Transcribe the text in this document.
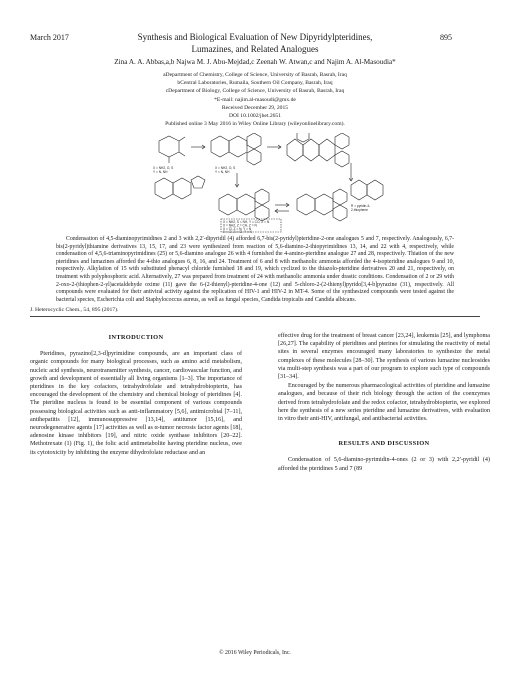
March 2017	Synthesis and Biological Evaluation of New Dipyridylpteridines,
Lumazines, and Related Analogues
895
Zina A. A. Abbas,a,b Najwa M. J. Abu-Mejdad,c Zeenah W. Atwan,c and Najim A. Al-Masoudia*
aDepartment of Chemistry, College of Science, University of Basrah, Basrah, Iraq
bCentral Laboratories, Rumaila, Southern Oil Company, Basrah, Iraq
cDepartment of Biology, College of Science, University of Basrah, Basrah, Iraq
*E-mail: najim.al-masoudi@gmx.de
Received December 29, 2015
DOI 10.1002/jhet.2651
Published online 3 May 2016 in Wiley Online Library (wileyonlinelibrary.com).
X = NH2, O, S
Y = N, NH
X = NH2, O, S
Y = N, NH
X = NH2, S = NH, Y = CO, Z = N
X = NH2, Z = CH, Z = N
X = Cl, Z = N, Y = N
X = Cl, Z = Cl, Y = N
R = pyridin-4-
2-thiophene
Condensation of 4,5-diaminopyrimidines 2 and 3 with 2,2′-dipyridil (4) afforded 6,7-bis(2-pyridyl)pteridine-2-one analogues 5 and 7, respectively. Analogously, 6,7-bis(2-pyridyl)thiamine derivatives 13, 15, 17, and 23 were synthesized from reaction of 5,6-diamino-2-thiopyrimidines 13, 14, and 22 with 4, respectively, while condensation of 4,5,6-triaminopyrimidines (25) or 5,6-diamino analogue 26 with 4 furnished the 4-amino-pteridine analogue 27 and 28, respectively. Thiation of the new pteridines and lumazines afforded the 4-thio analogues 6, 8, 16, and 24. Treatment of 6 and 8 with methanolic ammonia afforded the 4-isopteridine analogues 9 and 10, respectively. Alkylation of 15 with substituted phenacyl chloride furnished 18 and 19, which cyclized to the thiazolo-pteridine derivatives 20 and 21, respectively, on treatment with polyphosphoric acid. Alternatively, 27 was prepared from treatment of 24 with methanolic ammonia under drastic conditions. Condensation of 2 or 29 with 2-oxo-2-(thiophen-2-yl)acetaldehyde oxime (11) gave the 6-(2-thienyl)-pteridine-4-one (12) and 5-chloro-2-(2-thienyl)pyrido[3,4-b]pyrazine (31), respectively. All compounds were evaluated for their antiviral activity against the replication of HIV-1 and HIV-2 in MT-4. Some of the synthesized compounds were tested against the bacterial species, Escherichia coli and Staphylococcus aureus, as well as fungal species, Candida tropicalis and Candida albicans.
J. Heterocyclic Chem., 54, 895 (2017).
INTRODUCTION
Pteridines, pyrazino[2,3-d]pyrimidine compounds, are an important class of organic compounds for many biological processes, such as amino acid metabolism, nucleic acid synthesis, neurotransmitter synthesis, cancer, cardiovascular function, and growth and development of essentially all living organisms [1–3]. The importance of pteridines in the key cofactors, tetrahydrofolate and tetrahydrobiopterin, has encouraged the development of the chemistry and chemical biology of pteridines [4]. The pteridine nucleus is found to be essential component of various compounds possessing biological activities such as anti-inflammatory [5,6], antimicrobial [7–11], antihepatitis [12], immunosuppressive [13,14], antitumor [15,16], and neurodegenerative agents [17] activities as well as α-tumor necrosis factor agents [18], adenosine kinase inhibitors [19], and nitric oxide synthase inhibitors [20–22]. Methotrexate (1) (Fig. 1), the folic acid antimetabolite having pteridine nucleus, owe its cytotoxicity by inhibiting the enzyme dihydrofolate reductase and an
effective drug for the treatment of breast cancer [23,24], leukemia [25], and lymphoma [26,27]. The capability of pteridines and pterines for simulating the reactivity of metal sites in several enzymes encouraged many laboratories to synthesize the metal complexes of these molecules [28–30]. The synthesis of various lumazine nucleosides via multi-step synthesis was a part of our program to explore such type of compounds [31–34].
Encouraged by the numerous pharmacological activities of pteridine and lumazine analogues, and because of their rich biology through the action of the coenzymes derived from tetrahydrofolate and the redox cofactor, tetrahydrobiopterin, we explored here the synthesis of a new series pteridine and lumazine derivatives, with evaluation in vitro their anti-HIV, antifungal, and antibacterial activities.
RESULTS AND DISCUSSION
Condensation of 5,6-diamino-pyrimidin-4-ones (2 or 3) with 2,2′-pyridil (4) afforded the pteridines 5 and 7 (89
© 2016 Wiley Periodicals, Inc.
